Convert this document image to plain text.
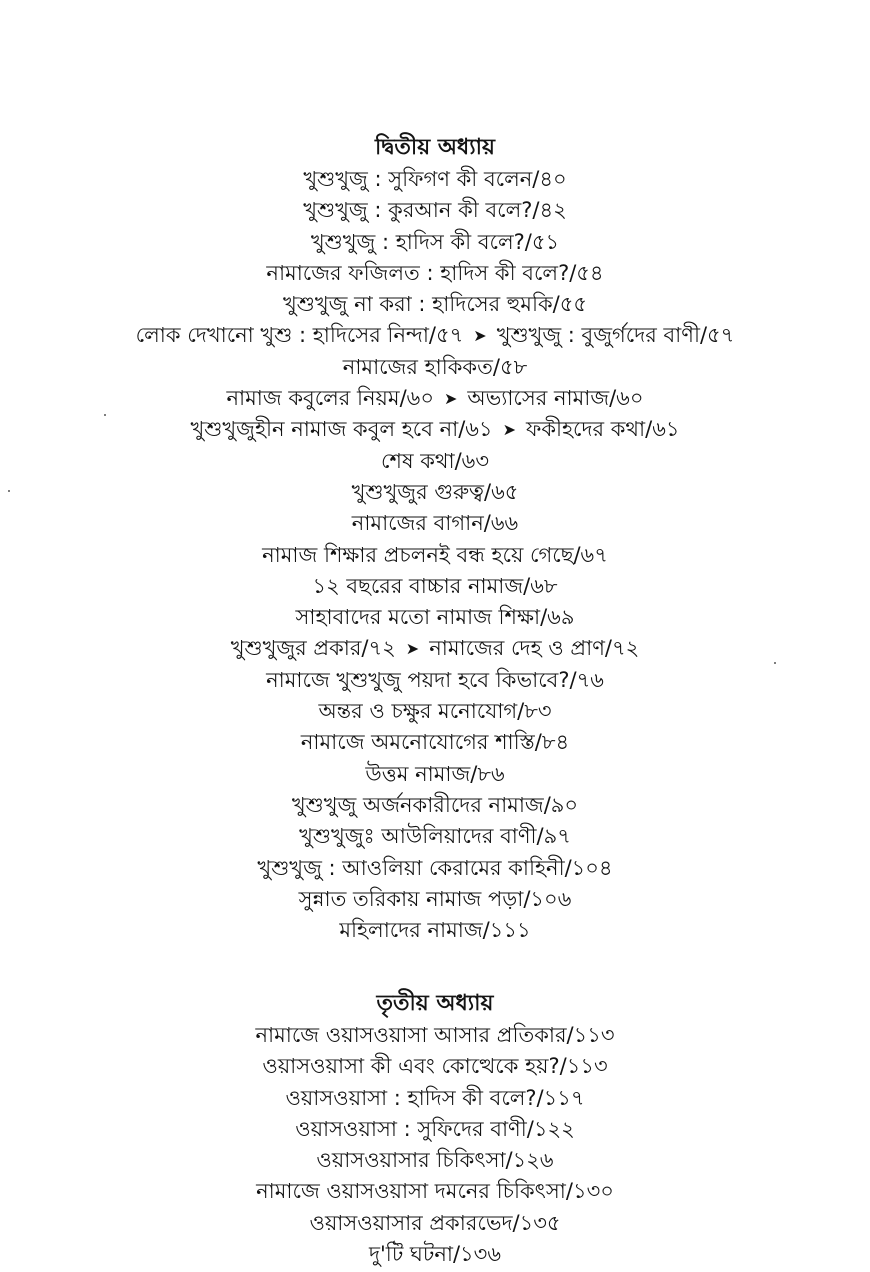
দ্বিতীয় অধ্যায়
খুশুখুজু : সুফিগণ কী বলেন/৪০
খুশুখুজু : কুরআন কী বলে?/৪২
খুশুখুজু : হাদিস কী বলে?/৫১
নামাজের ফজিলত : হাদিস কী বলে?/৫৪
খুশুখুজু না করা : হাদিসের হুমকি/৫৫
লোক দেখানো খুশু : হাদিসের নিন্দা/৫৭ ➤ খুশুখুজু : বুজুর্গদের বাণী/৫৭
নামাজের হাকিকত/৫৮
নামাজ কবুলের নিয়ম/৬০ ➤ অভ্যাসের নামাজ/৬০
খুশুখুজুহীন নামাজ কবুল হবে না/৬১ ➤ ফকীহদের কথা/৬১
শেষ কথা/৬৩
খুশুখুজুর গুরুত্ব/৬৫
নামাজের বাগান/৬৬
নামাজ শিক্ষার প্রচলনই বন্ধ হয়ে গেছে/৬৭
১২ বছরের বাচ্চার নামাজ/৬৮
সাহাবাদের মতো নামাজ শিক্ষা/৬৯
খুশুখুজুর প্রকার/৭২ ➤ নামাজের দেহ ও প্রাণ/৭২
নামাজে খুশুখুজু পয়দা হবে কিভাবে?/৭৬
অন্তর ও চক্ষুর মনোযোগ/৮৩
নামাজে অমনোযোগের শাস্তি/৮৪
উত্তম নামাজ/৮৬
খুশুখুজু অর্জনকারীদের নামাজ/৯০
খুশুখুজুঃ আউলিয়াদের বাণী/৯৭
খুশুখুজু : আওলিয়া কেরামের কাহিনী/১০৪
সুন্নাত তরিকায় নামাজ পড়া/১০৬
মহিলাদের নামাজ/১১১
তৃতীয় অধ্যায়
নামাজে ওয়াসওয়াসা আসার প্রতিকার/১১৩
ওয়াসওয়াসা কী এবং কোত্থেকে হয়?/১১৩
ওয়াসওয়াসা : হাদিস কী বলে?/১১৭
ওয়াসওয়াসা : সুফিদের বাণী/১২২
ওয়াসওয়াসার চিকিৎসা/১২৬
নামাজে ওয়াসওয়াসা দমনের চিকিৎসা/১৩০
ওয়াসওয়াসার প্রকারভেদ/১৩৫
দু'টি ঘটনা/১৩৬
